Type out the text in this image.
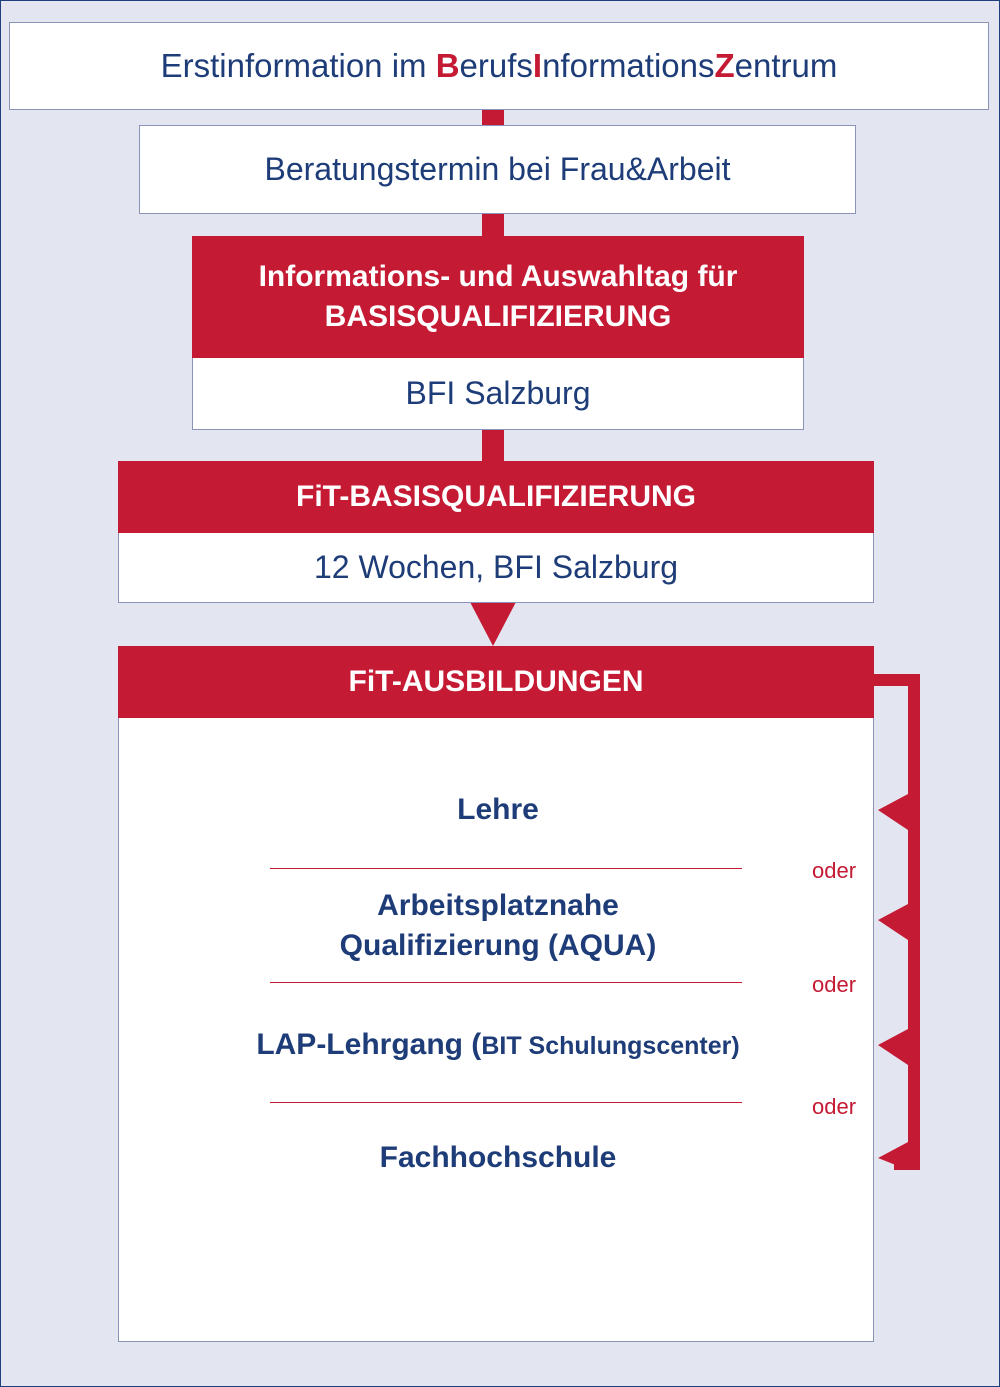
Erstinformation im BerufsInformationsZentrum
Beratungstermin bei Frau&Arbeit
Informations- und Auswahltag für
BASISQUALIFIZIERUNG
BFI Salzburg
FiT-BASISQUALIFIZIERUNG
12 Wochen, BFI Salzburg
FiT-AUSBILDUNGEN
Lehre
oder
Arbeitsplatznahe
Qualifizierung (AQUA)
oder
LAP-Lehrgang (BIT Schulungscenter)
oder
Fachhochschule
